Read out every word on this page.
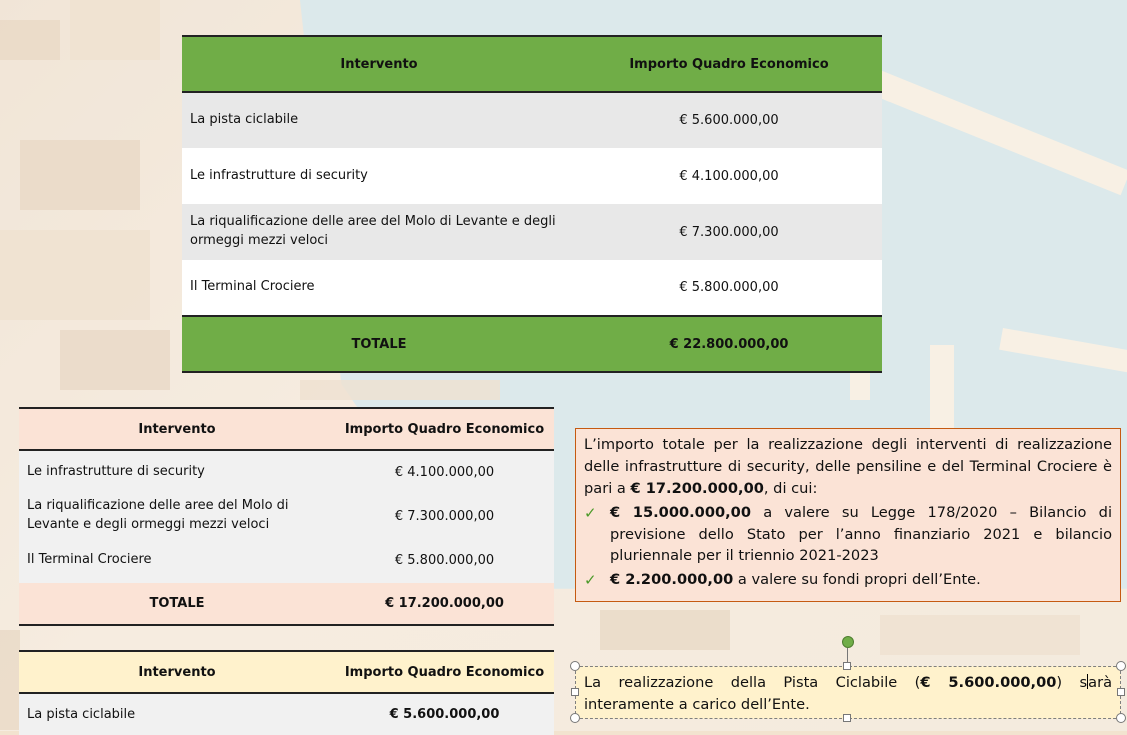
Intervento	Importo Quadro Economico
La pista ciclabile	€ 5.600.000,00
Le infrastrutture di security	€ 4.100.000,00
La riqualificazione delle aree del Molo di Levante e degli ormeggi mezzi veloci	€ 7.300.000,00
Il Terminal Crociere	€ 5.800.000,00
TOTALE	€ 22.800.000,00
Intervento	Importo Quadro Economico
Le infrastrutture di security	€ 4.100.000,00
La riqualificazione delle aree del Molo di Levante e degli ormeggi mezzi veloci	€ 7.300.000,00
Il Terminal Crociere	€ 5.800.000,00
TOTALE	€ 17.200.000,00
Intervento	Importo Quadro Economico
La pista ciclabile	€ 5.600.000,00

L’importo totale per la realizzazione degli interventi di realizzazione delle infrastrutture di security, delle pensiline e del Terminal Crociere è pari a € 17.200.000,00, di cui:

✓ € 15.000.000,00 a valere su Legge 178/2020 – Bilancio di previsione dello Stato per l’anno finanziario 2021 e bilancio pluriennale per il triennio 2021-2023
✓ € 2.200.000,00 a valere su fondi propri dell’Ente.
La realizzazione della Pista Ciclabile (€ 5.600.000,00) sarà interamente a carico dell’Ente.
